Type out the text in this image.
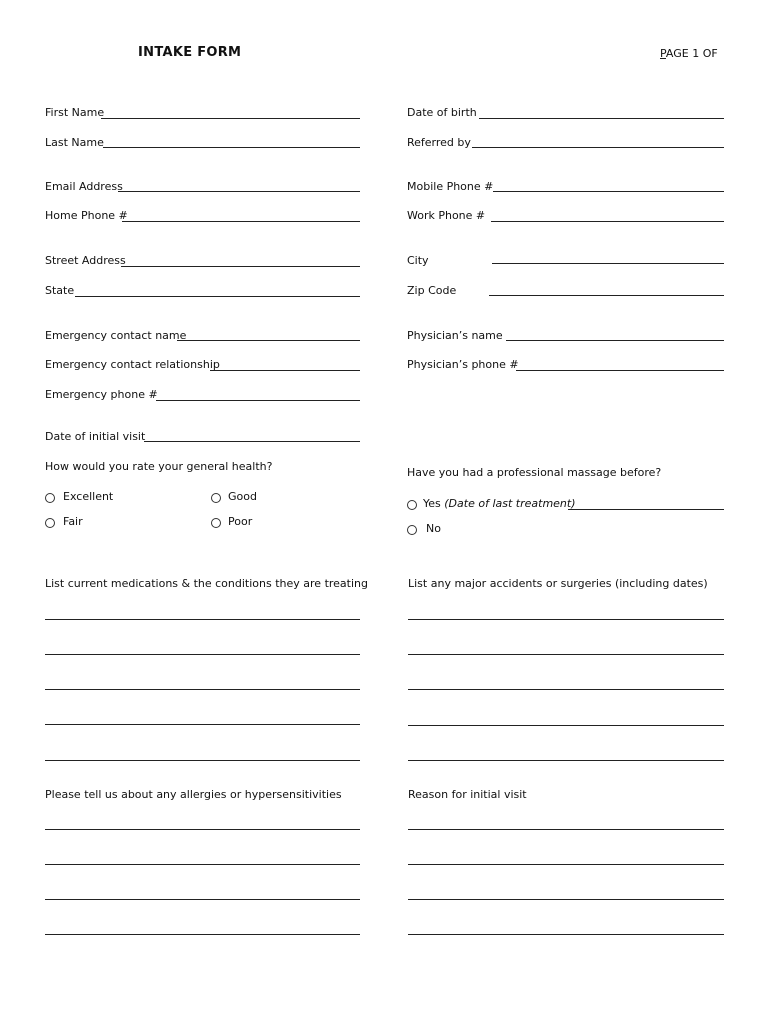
INTAKE FORM	PAGE 1 OF
First Name
Last Name
Email Address
Home Phone #
Street Address
State
Emergency contact name
Emergency contact relationship
Emergency phone #
Date of initial visit
Date of birth
Referred by
Mobile Phone #
Work Phone #
City
Zip Code
Physician’s name
Physician’s phone #
How would you rate your general health?
Excellent	Good
Fair	Poor
Have you had a professional massage before?
Yes (Date of last treatment)
No
List current medications & the conditions they are treating	List any major accidents or surgeries (including dates)
Please tell us about any allergies or hypersensitivities	Reason for initial visit
